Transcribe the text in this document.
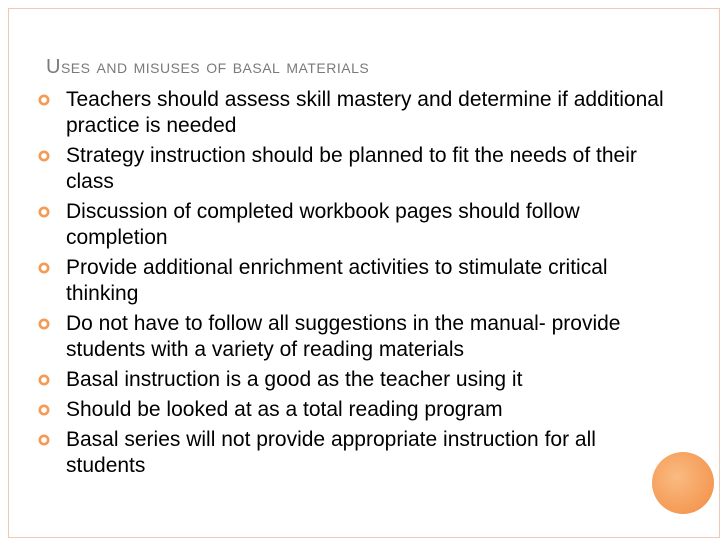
Uses and misuses of basal materials
Teachers should assess skill mastery and determine if additional practice is needed
Strategy instruction should be planned to fit the needs of their class
Discussion of completed workbook pages should follow completion
Provide additional enrichment activities to stimulate critical thinking
Do not have to follow all suggestions in the manual- provide students with a variety of reading materials
Basal instruction is a good as the teacher using it
Should be looked at as a total reading program
Basal series will not provide appropriate instruction for all students
